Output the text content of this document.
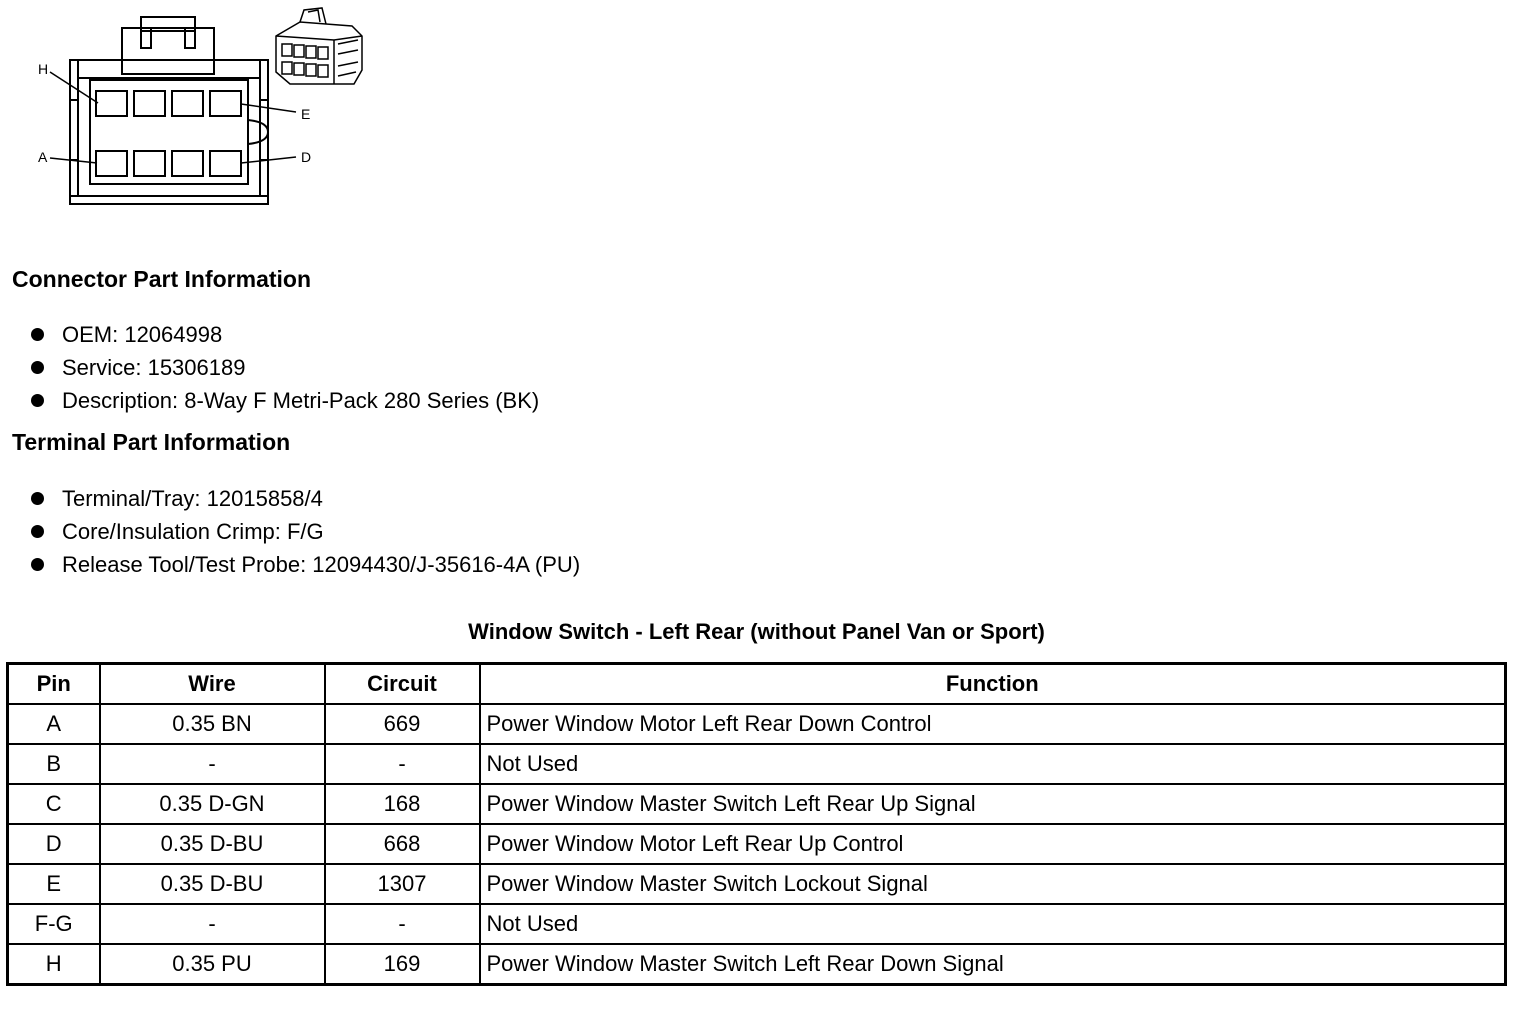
H
E
A	D
Connector Part Information
OEM: 12064998
Service: 15306189
Description: 8-Way F Metri-Pack 280 Series (BK)
Terminal Part Information
Terminal/Tray: 12015858/4
Core/Insulation Crimp: F/G
Release Tool/Test Probe: 12094430/J-35616-4A (PU)
Window Switch - Left Rear (without Panel Van or Sport)
Pin	Wire	Circuit	Function
A	0.35 BN	669	Power Window Motor Left Rear Down Control
B	-	-	Not Used
C	0.35 D-GN	168	Power Window Master Switch Left Rear Up Signal
D	0.35 D-BU	668	Power Window Motor Left Rear Up Control
E	0.35 D-BU	1307	Power Window Master Switch Lockout Signal
F-G	-	-	Not Used
H	0.35 PU	169	Power Window Master Switch Left Rear Down Signal
